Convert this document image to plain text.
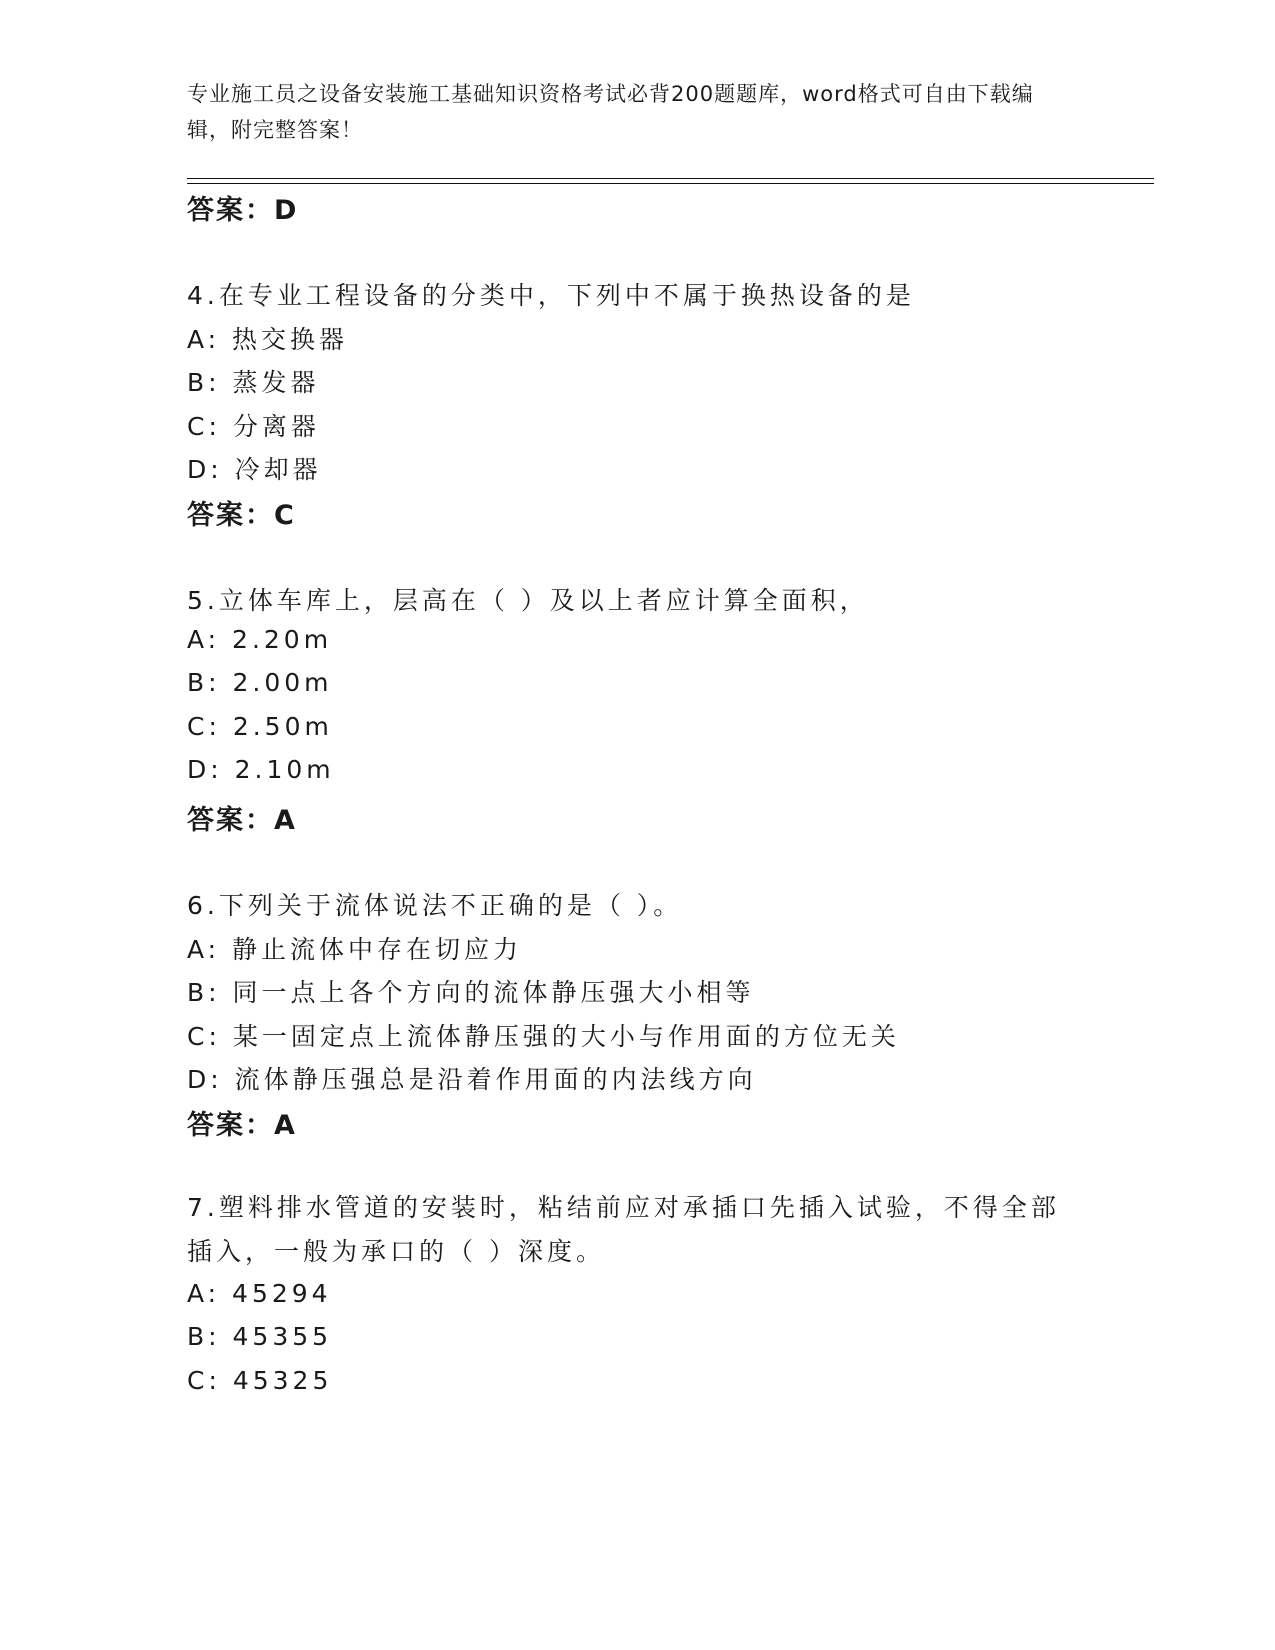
专业施工员之设备安装施工基础知识资格考试必背200题题库，word格式可自由下载编辑，附完整答案！
答案：D
4.在专业工程设备的分类中，下列中不属于换热设备的是
A: 热交换器
B: 蒸发器
C: 分离器
D: 冷却器
答案：C
5.立体车库上，层高在（ ）及以上者应计算全面积，
A: 2.20m
B: 2.00m
C: 2.50m
D: 2.10m
答案：A
6.下列关于流体说法不正确的是（ ）。
A: 静止流体中存在切应力
B: 同一点上各个方向的流体静压强大小相等
C: 某一固定点上流体静压强的大小与作用面的方位无关
D: 流体静压强总是沿着作用面的内法线方向
答案：A
7.塑料排水管道的安装时，粘结前应对承插口先插入试验，不得全部插入，一般为承口的（ ）深度。
A: 45294
B: 45355
C: 45325
